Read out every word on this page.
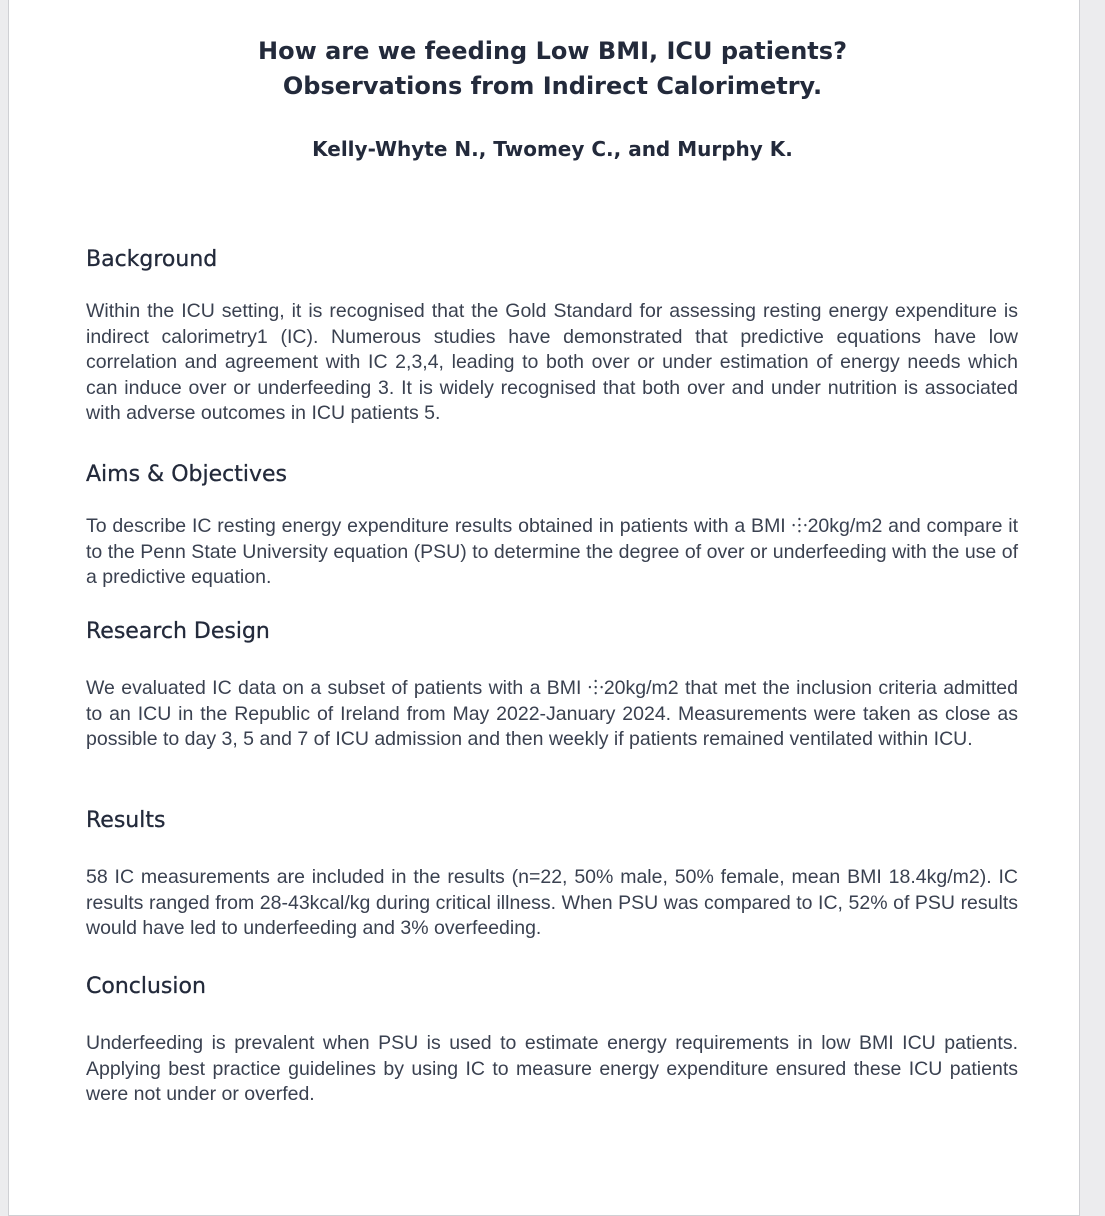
How are we feeding Low BMI, ICU patients?
Observations from Indirect Calorimetry.
Kelly-Whyte N., Twomey C., and Murphy K.
Background

Within the ICU setting, it is recognised that the Gold Standard for assessing resting energy expenditure is indirect calorimetry1 (IC). Numerous studies have demonstrated that predictive equations have low correlation and agreement with IC 2,3,4, leading to both over or under estimation of energy needs which can induce over or underfeeding 3. It is widely recognised that both over and under nutrition is associated with adverse outcomes in ICU patients 5.

Aims & Objectives

To describe IC resting energy expenditure results obtained in patients with a BMI ⸭20kg/m2 and compare it to the Penn State University equation (PSU) to determine the degree of over or underfeeding with the use of a predictive equation.

Research Design

We evaluated IC data on a subset of patients with a BMI ⸭20kg/m2 that met the inclusion criteria admitted to an ICU in the Republic of Ireland from May 2022-January 2024. Measurements were taken as close as possible to day 3, 5 and 7 of ICU admission and then weekly if patients remained ventilated within ICU.

Results

58 IC measurements are included in the results (n=22, 50% male, 50% female, mean BMI 18.4kg/m2). IC results ranged from 28-43kcal/kg during critical illness. When PSU was compared to IC, 52% of PSU results would have led to underfeeding and 3% overfeeding.

Conclusion

Underfeeding is prevalent when PSU is used to estimate energy requirements in low BMI ICU patients. Applying best practice guidelines by using IC to measure energy expenditure ensured these ICU patients were not under or overfed.
